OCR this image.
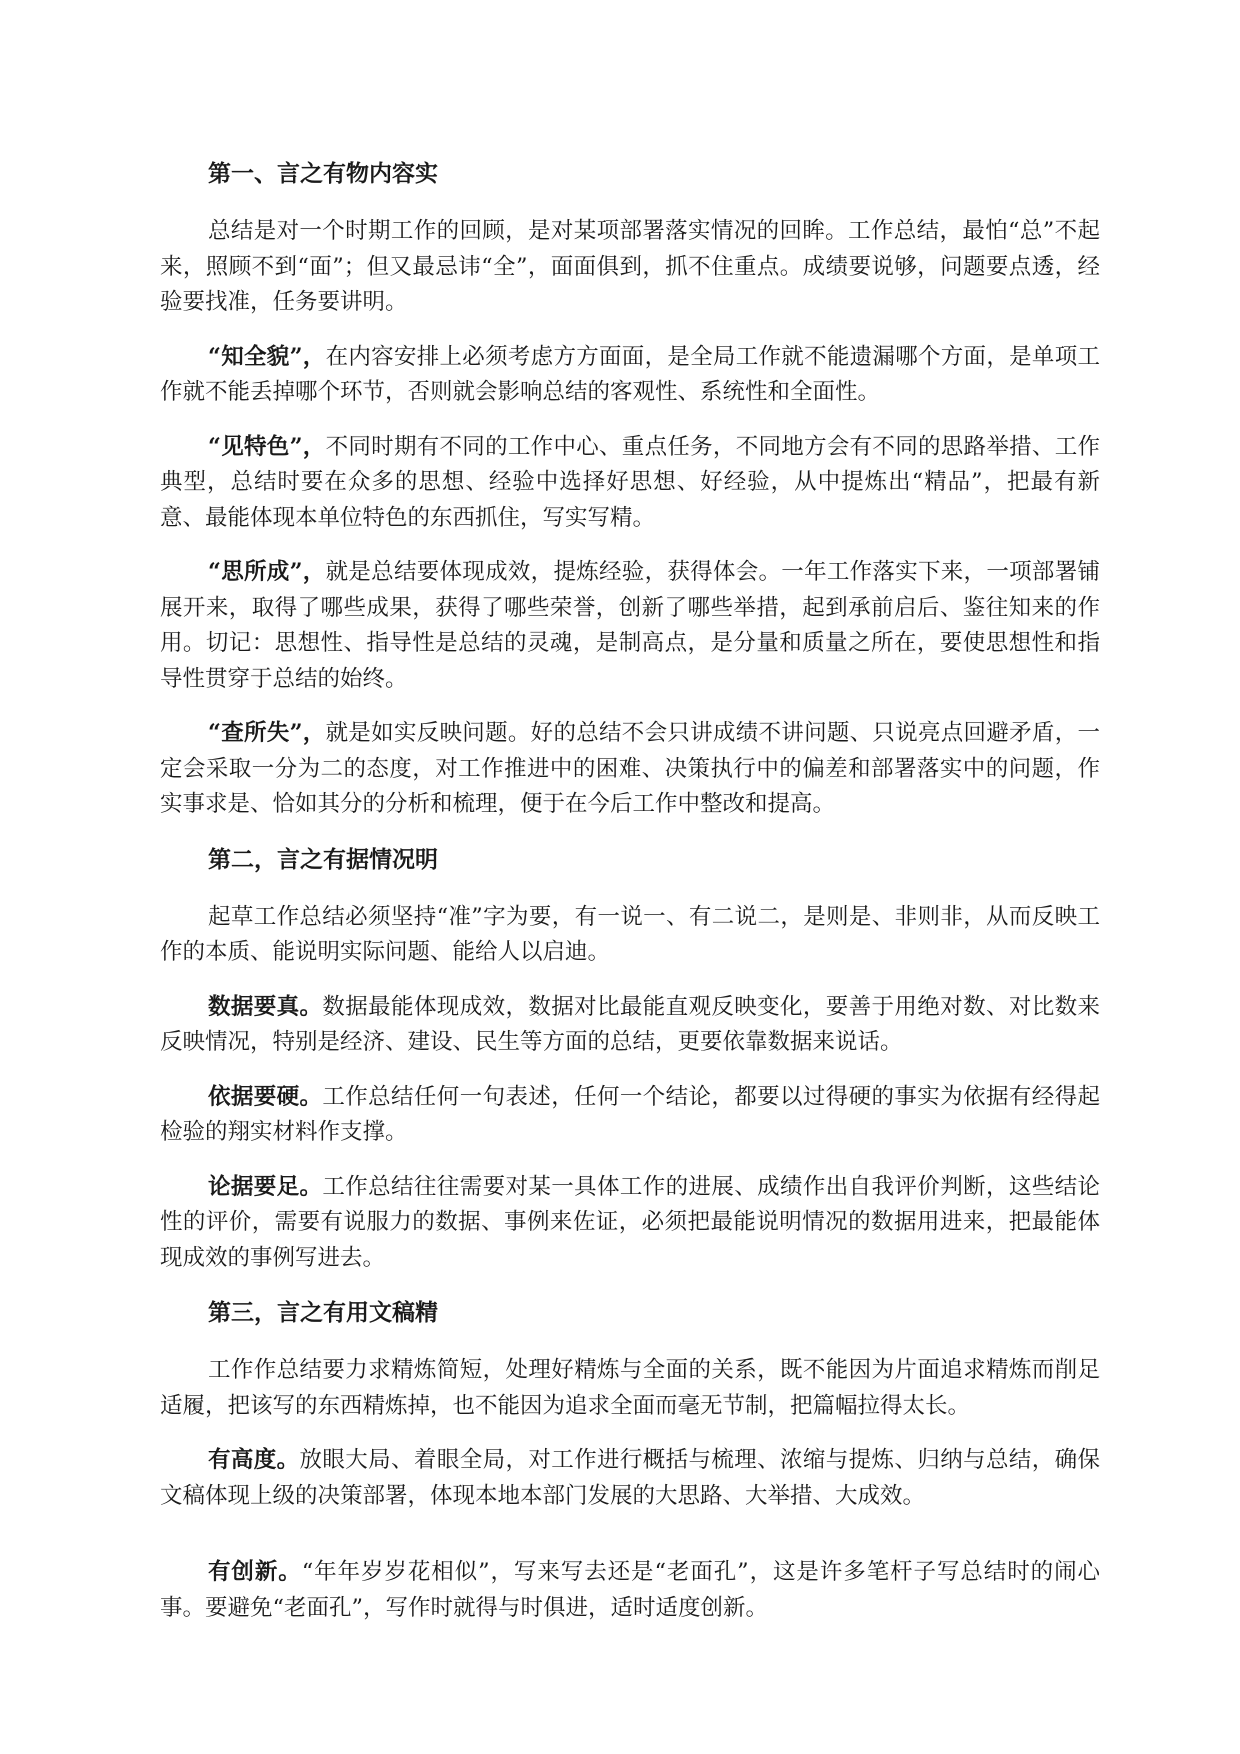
第一、言之有物内容实

总结是对一个时期工作的回顾，是对某项部署落实情况的回眸。工作总结，最怕“总”不起来，照顾不到“面”；但又最忌讳“全”，面面俱到，抓不住重点。成绩要说够，问题要点透，经验要找准，任务要讲明。

“知全貌”，在内容安排上必须考虑方方面面，是全局工作就不能遗漏哪个方面，是单项工作就不能丢掉哪个环节，否则就会影响总结的客观性、系统性和全面性。

“见特色”，不同时期有不同的工作中心、重点任务，不同地方会有不同的思路举措、工作典型，总结时要在众多的思想、经验中选择好思想、好经验，从中提炼出“精品”，把最有新意、最能体现本单位特色的东西抓住，写实写精。

“思所成”，就是总结要体现成效，提炼经验，获得体会。一年工作落实下来，一项部署铺展开来，取得了哪些成果，获得了哪些荣誉，创新了哪些举措，起到承前启后、鉴往知来的作用。切记：思想性、指导性是总结的灵魂，是制高点，是分量和质量之所在，要使思想性和指导性贯穿于总结的始终。

“查所失”，就是如实反映问题。好的总结不会只讲成绩不讲问题、只说亮点回避矛盾，一定会采取一分为二的态度，对工作推进中的困难、决策执行中的偏差和部署落实中的问题，作实事求是、恰如其分的分析和梳理，便于在今后工作中整改和提高。

第二，言之有据情况明

起草工作总结必须坚持“准”字为要，有一说一、有二说二，是则是、非则非，从而反映工作的本质、能说明实际问题、能给人以启迪。

数据要真。数据最能体现成效，数据对比最能直观反映变化，要善于用绝对数、对比数来反映情况，特别是经济、建设、民生等方面的总结，更要依靠数据来说话。

依据要硬。工作总结任何一句表述，任何一个结论，都要以过得硬的事实为依据有经得起检验的翔实材料作支撑。

论据要足。工作总结往往需要对某一具体工作的进展、成绩作出自我评价判断，这些结论性的评价，需要有说服力的数据、事例来佐证，必须把最能说明情况的数据用进来，把最能体现成效的事例写进去。

第三，言之有用文稿精

工作作总结要力求精炼简短，处理好精炼与全面的关系，既不能因为片面追求精炼而削足适履，把该写的东西精炼掉，也不能因为追求全面而毫无节制，把篇幅拉得太长。

有高度。放眼大局、着眼全局，对工作进行概括与梳理、浓缩与提炼、归纳与总结，确保文稿体现上级的决策部署，体现本地本部门发展的大思路、大举措、大成效。

有创新。“年年岁岁花相似”，写来写去还是“老面孔”，这是许多笔杆子写总结时的闹心事。要避免“老面孔”，写作时就得与时俱进，适时适度创新。
